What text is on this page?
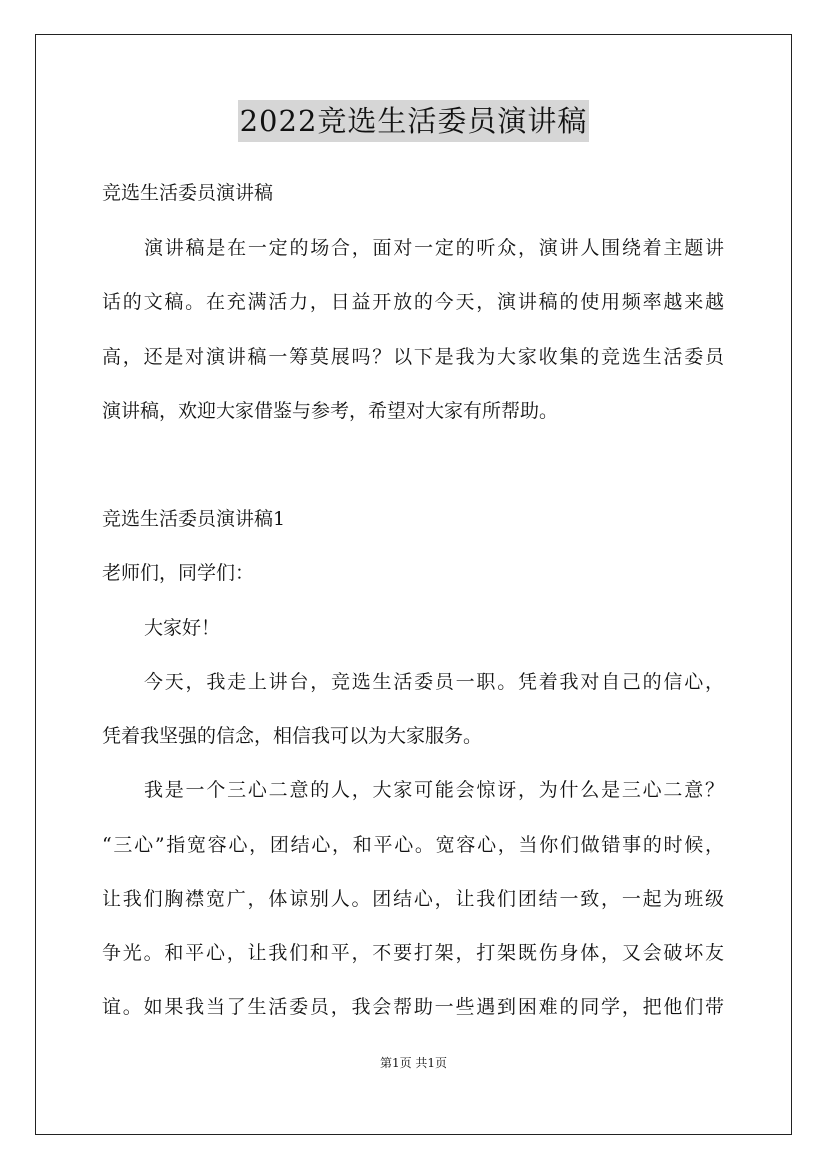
2022竞选生活委员演讲稿
竞选生活委员演讲稿
演讲稿是在一定的场合，面对一定的听众，演讲人围绕着主题讲
话的文稿。在充满活力，日益开放的今天，演讲稿的使用频率越来越
高，还是对演讲稿一筹莫展吗？以下是我为大家收集的竞选生活委员
演讲稿，欢迎大家借鉴与参考，希望对大家有所帮助。
竞选生活委员演讲稿1
老师们，同学们：
大家好！
今天，我走上讲台，竞选生活委员一职。凭着我对自己的信心，
凭着我坚强的信念，相信我可以为大家服务。
我是一个三心二意的人，大家可能会惊讶，为什么是三心二意？
“三心”指宽容心，团结心，和平心。宽容心，当你们做错事的时候，
让我们胸襟宽广，体谅别人。团结心，让我们团结一致，一起为班级
争光。和平心，让我们和平，不要打架，打架既伤身体，又会破坏友
谊。如果我当了生活委员，我会帮助一些遇到困难的同学，把他们带
第1页 共1页
